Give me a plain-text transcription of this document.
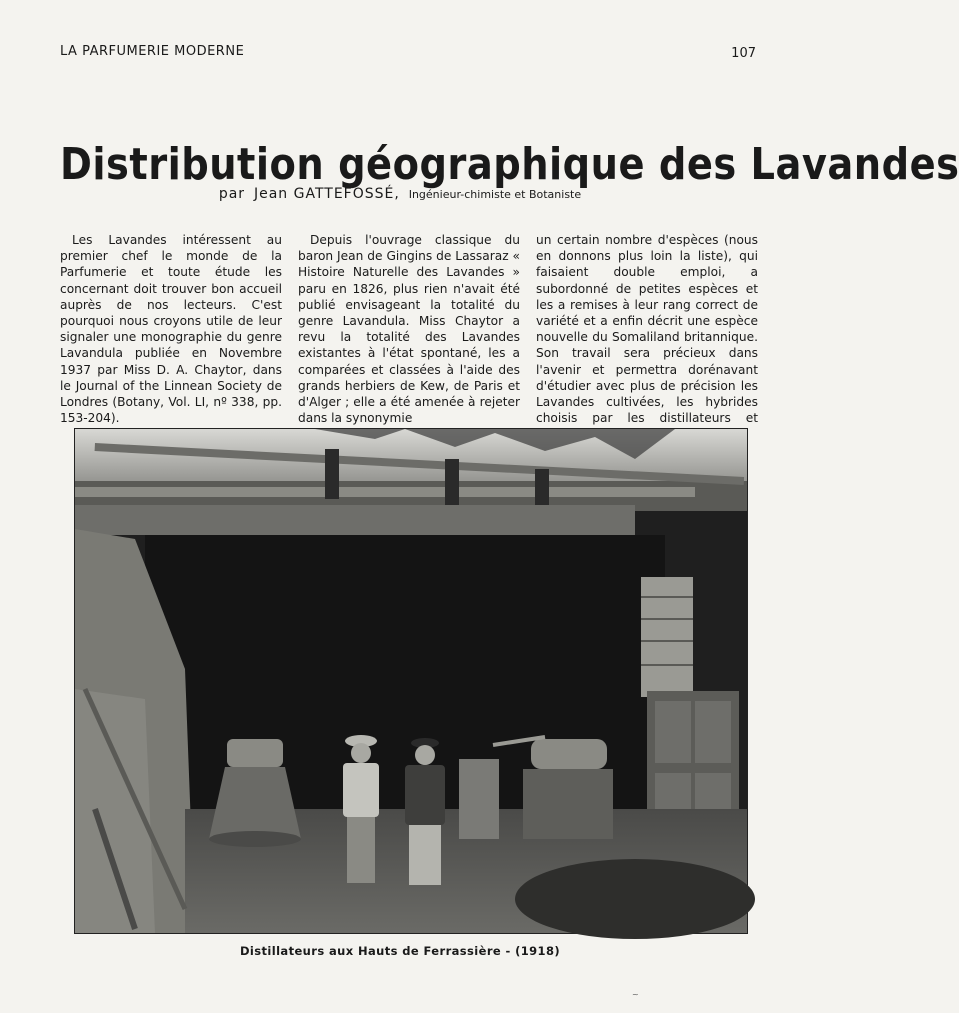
LA PARFUMERIE MODERNE	107
Distribution géographique des Lavandes
par Jean GATTEFOSSÉ, Ingénieur-chimiste et Botaniste

Les Lavandes intéressent au premier chef le monde de la Parfumerie et toute étude les concernant doit trouver bon accueil auprès de nos lecteurs. C'est pourquoi nous croyons utile de leur signaler une monographie du genre Lavandula publiée en Novembre 1937 par Miss D. A. Chaytor, dans le Journal of the Linnean Society de Londres (Botany, Vol. LI, nº 338, pp. 153-204).

Depuis l'ouvrage classique du baron Jean de Gingins de Lassaraz « Histoire Naturelle des Lavandes » paru en 1826, plus rien n'avait été publié envisageant la totalité du genre Lavandula. Miss Chaytor a revu la totalité des Lavandes existantes à l'état spontané, les a comparées et classées à l'aide des grands herbiers de Kew, de Paris et d'Alger ; elle a été amenée à rejeter dans la synonymie

un certain nombre d'espèces (nous en donnons plus loin la liste), qui faisaient double emploi, a subordonné de petites espèces et les a remises à leur rang correct de variété et a enfin décrit une espèce nouvelle du Somaliland britannique. Son travail sera précieux dans l'avenir et permettra dorénavant d'étudier avec plus de précision les Lavandes cultivées, les hybrides choisis par les distillateurs et

Distillateurs aux Hauts de Ferrassière - (1918)
~
